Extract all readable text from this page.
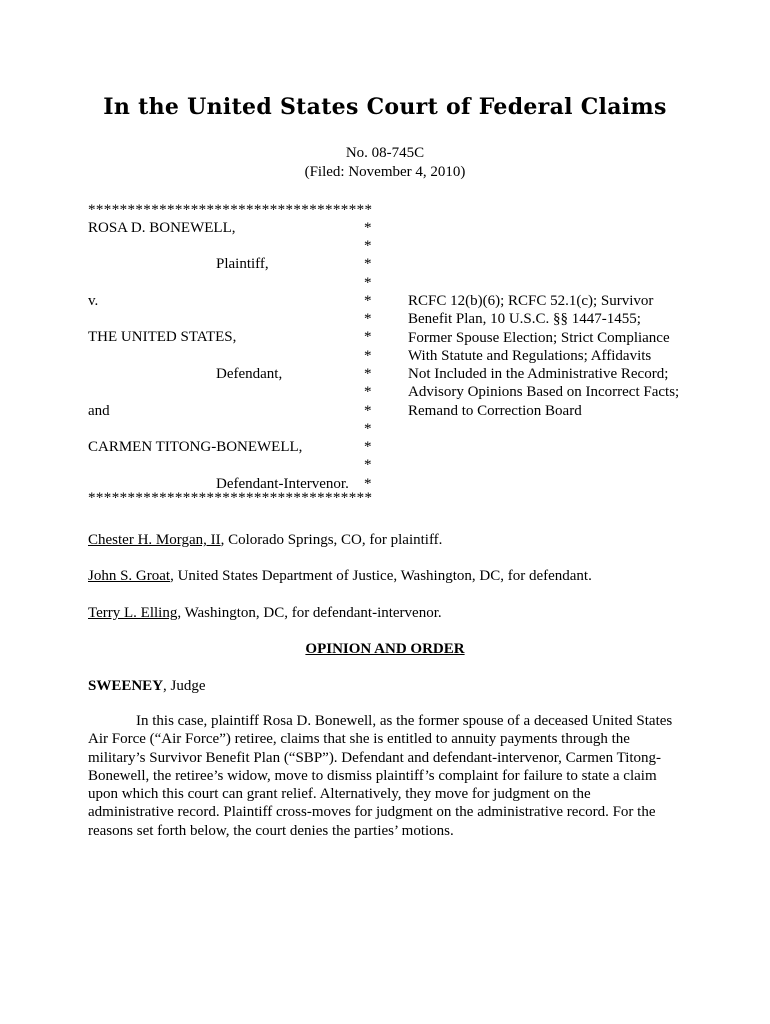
In the United States Court of Federal Claims
No. 08-745C
(Filed: November 4, 2010)
************************************
ROSA D. BONEWELL,
Plaintiff,
v.
THE UNITED STATES,
Defendant,
and
CARMEN TITONG-BONEWELL,
Defendant-Intervenor.
*
*
*
*
*
*
*
*
*
*
*
*
*
*
*
RCFC 12(b)(6); RCFC 52.1(c); Survivor
Benefit Plan, 10 U.S.C. §§ 1447-1455;
Former Spouse Election; Strict Compliance
With Statute and Regulations; Affidavits
Not Included in the Administrative Record;
Advisory Opinions Based on Incorrect Facts;
Remand to Correction Board
************************************
Chester H. Morgan, II, Colorado Springs, CO, for plaintiff.
John S. Groat, United States Department of Justice, Washington, DC, for defendant.
Terry L. Elling, Washington, DC, for defendant-intervenor.
OPINION AND ORDER
SWEENEY, Judge
In this case, plaintiff Rosa D. Bonewell, as the former spouse of a deceased United States
Air Force (“Air Force”) retiree, claims that she is entitled to annuity payments through the
military’s Survivor Benefit Plan (“SBP”). Defendant and defendant-intervenor, Carmen Titong-
Bonewell, the retiree’s widow, move to dismiss plaintiff’s complaint for failure to state a claim
upon which this court can grant relief. Alternatively, they move for judgment on the
administrative record. Plaintiff cross-moves for judgment on the administrative record. For the
reasons set forth below, the court denies the parties’ motions.
